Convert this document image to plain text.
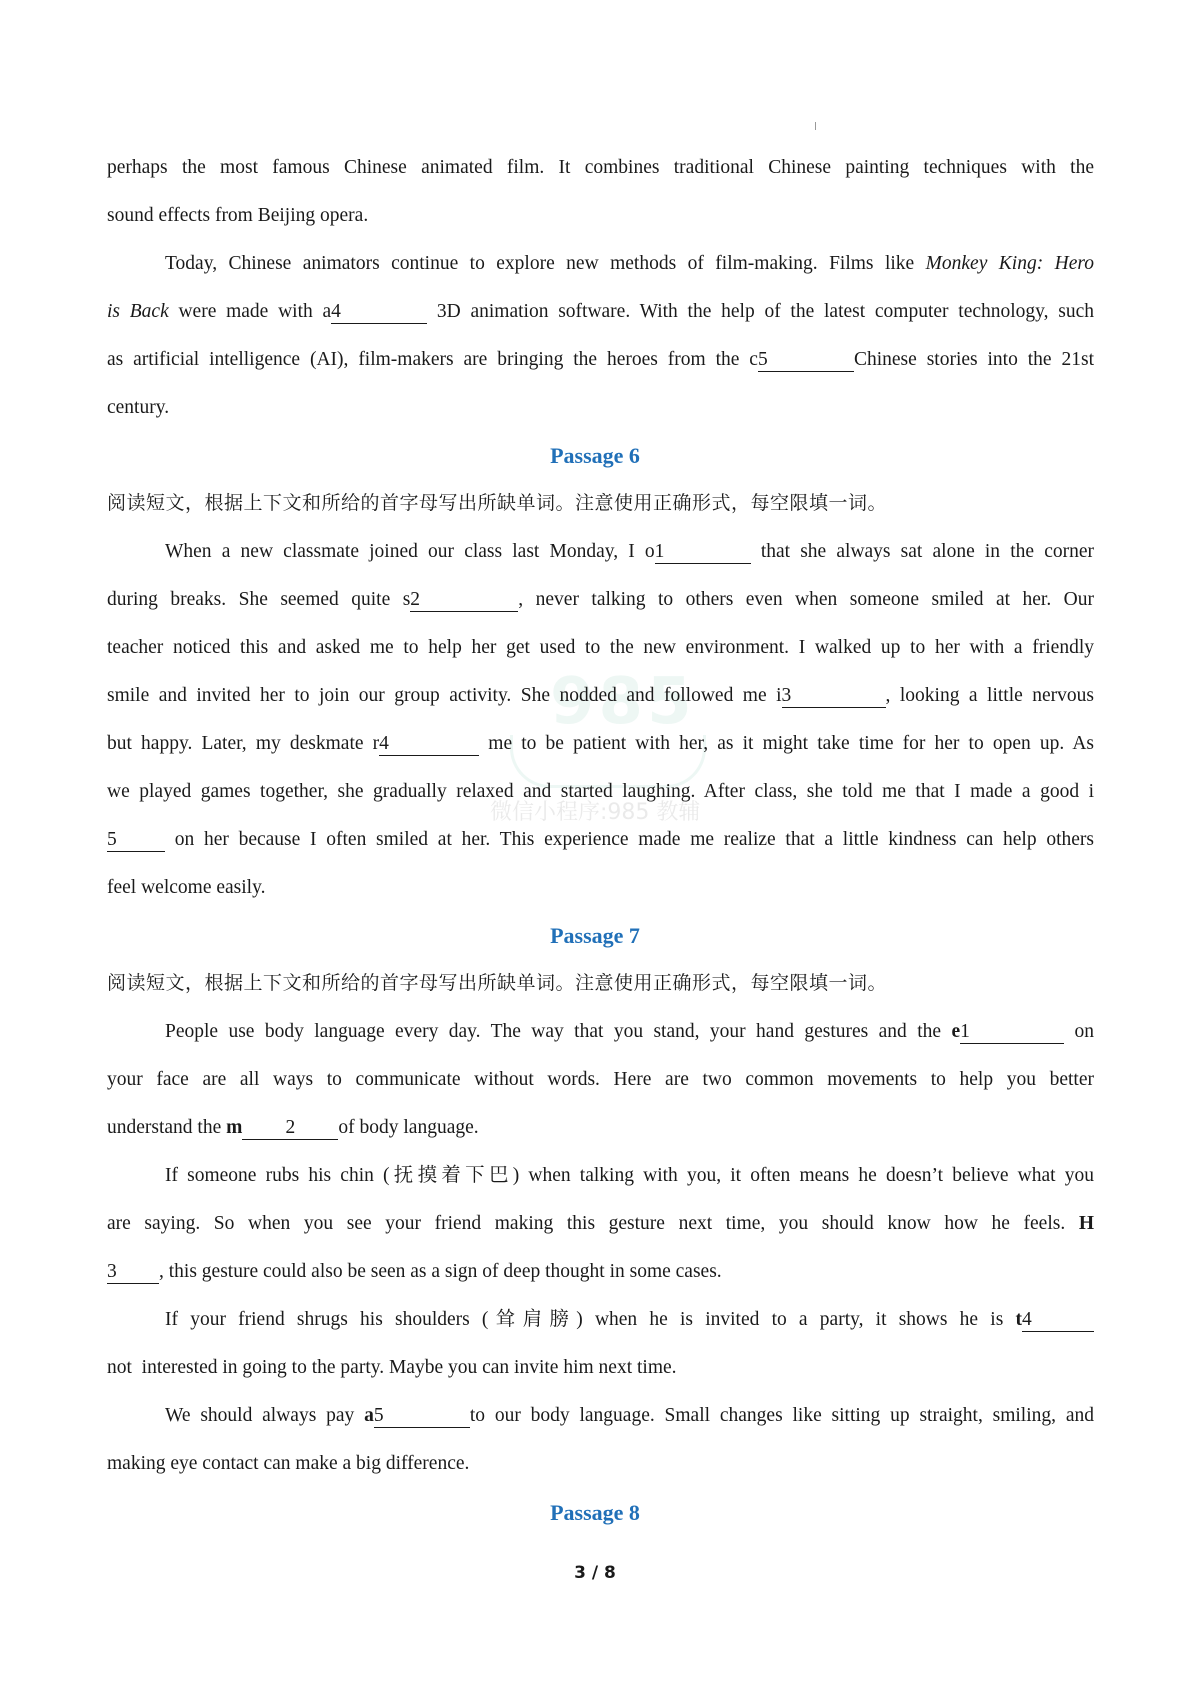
985
微信小程序:985 教辅
perhaps the most famous Chinese animated film. It combines traditional Chinese painting techniques with the
sound effects from Beijing opera.
Today, Chinese animators continue to explore new methods of film-making. Films like Monkey King: Hero
is Back were made with a4	3D animation software. With the help of the latest computer technology, such
as artificial intelligence (AI), film-makers are bringing the heroes from the c5	Chinese stories into the 21st
century.
Passage 6
阅读短文，根据上下文和所给的首字母写出所缺单词。注意使用正确形式，每空限填一词。
When a new classmate joined our class last Monday, I o1	that she always sat alone in the corner
during breaks. She seemed quite s2	, never talking to others even when someone smiled at her. Our
teacher noticed this and asked me to help her get used to the new environment. I walked up to her with a friendly
smile and invited her to join our group activity. She nodded and followed me i3	, looking a little nervous
but happy. Later, my deskmate r4	me to be patient with her, as it might take time for her to open up. As
we played games together, she gradually relaxed and started laughing. After class, she told me that I made a good i
5 on her because I often smiled at her. This experience made me realize that a little kindness can help others
feel welcome easily.
Passage 7
阅读短文，根据上下文和所给的首字母写出所缺单词。注意使用正确形式，每空限填一词。
People use body language every day. The way that you stand, your hand gestures and the e1	on
your face are all ways to communicate without words. Here are two common movements to help you better
understand the m 2 of body language.
If someone rubs his chin (抚摸着下巴) when talking with you, it often means he doesn’t believe what you
are saying. So when you see your friend making this gesture next time, you should know how he feels. H
3 , this gesture could also be seen as a sign of deep thought in some cases.
If your friend shrugs his shoulders (耸肩膀) when he is invited to a party, it shows he is t4
not  interested in going to the party. Maybe you can invite him next time.
We should always pay a5	to our body language. Small changes like sitting up straight, smiling, and
making eye contact can make a big difference.
Passage 8
3 / 8
